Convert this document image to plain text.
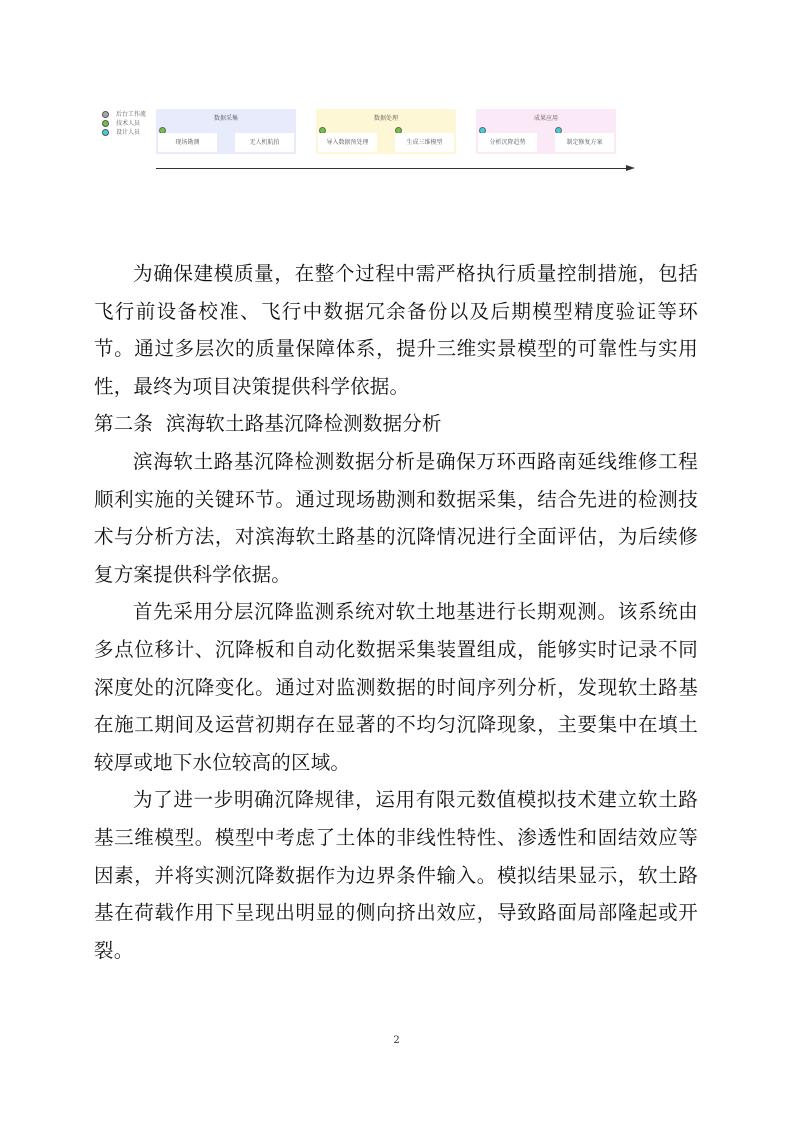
后台工作流
技术人员
设计人员
数据采集
现场勘测	无人机航拍
数据处理
导入数据预处理	生成三维模型
成果应用
分析沉降趋势	制定修复方案

为确保建模质量，在整个过程中需严格执行质量控制措施，包括飞行前设备校准、飞行中数据冗余备份以及后期模型精度验证等环节。通过多层次的质量保障体系，提升三维实景模型的可靠性与实用性，最终为项目决策提供科学依据。

第二条  滨海软土路基沉降检测数据分析

滨海软土路基沉降检测数据分析是确保万环西路南延线维修工程顺利实施的关键环节。通过现场勘测和数据采集，结合先进的检测技术与分析方法，对滨海软土路基的沉降情况进行全面评估，为后续修复方案提供科学依据。

首先采用分层沉降监测系统对软土地基进行长期观测。该系统由多点位移计、沉降板和自动化数据采集装置组成，能够实时记录不同深度处的沉降变化。通过对监测数据的时间序列分析，发现软土路基在施工期间及运营初期存在显著的不均匀沉降现象，主要集中在填土较厚或地下水位较高的区域。

为了进一步明确沉降规律，运用有限元数值模拟技术建立软土路基三维模型。模型中考虑了土体的非线性特性、渗透性和固结效应等因素，并将实测沉降数据作为边界条件输入。模拟结果显示，软土路基在荷载作用下呈现出明显的侧向挤出效应，导致路面局部隆起或开裂。

2
